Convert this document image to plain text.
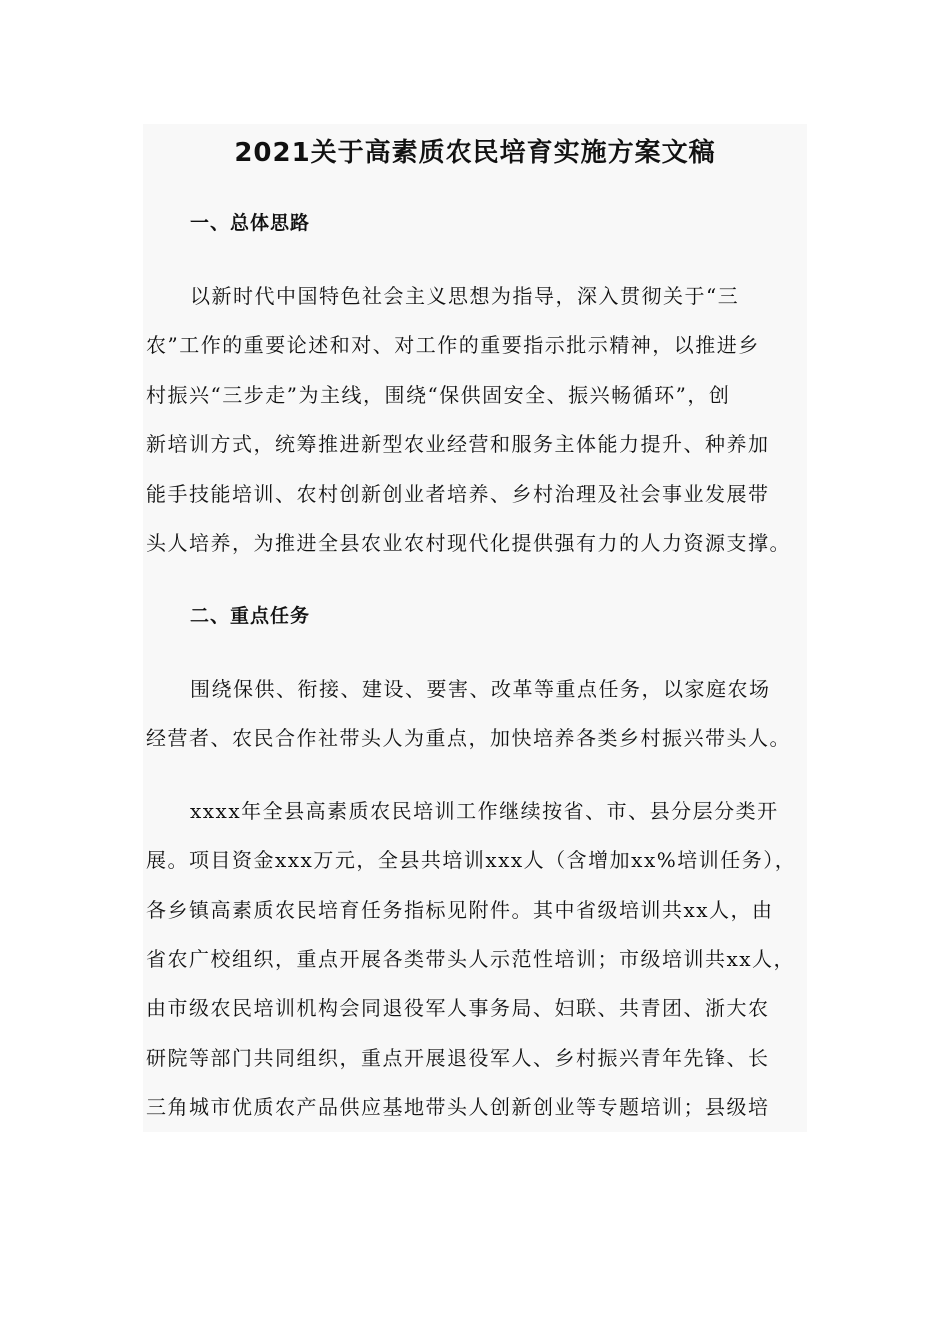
2021关于高素质农民培育实施方案文稿
一、总体思路
以新时代中国特色社会主义思想为指导，深入贯彻关于“三
农”工作的重要论述和对、对工作的重要指示批示精神，以推进乡
村振兴“三步走”为主线，围绕“保供固安全、振兴畅循环”，创
新培训方式，统筹推进新型农业经营和服务主体能力提升、种养加
能手技能培训、农村创新创业者培养、乡村治理及社会事业发展带
头人培养，为推进全县农业农村现代化提供强有力的人力资源支撑。
二、重点任务
围绕保供、衔接、建设、要害、改革等重点任务，以家庭农场
经营者、农民合作社带头人为重点，加快培养各类乡村振兴带头人。
xxxx年全县高素质农民培训工作继续按省、市、县分层分类开
展。项目资金xxx万元，全县共培训xxx人（含增加xx%培训任务），
各乡镇高素质农民培育任务指标见附件。其中省级培训共xx人，由
省农广校组织，重点开展各类带头人示范性培训；市级培训共xx人，
由市级农民培训机构会同退役军人事务局、妇联、共青团、浙大农
研院等部门共同组织，重点开展退役军人、乡村振兴青年先锋、长
三角城市优质农产品供应基地带头人创新创业等专题培训；县级培
